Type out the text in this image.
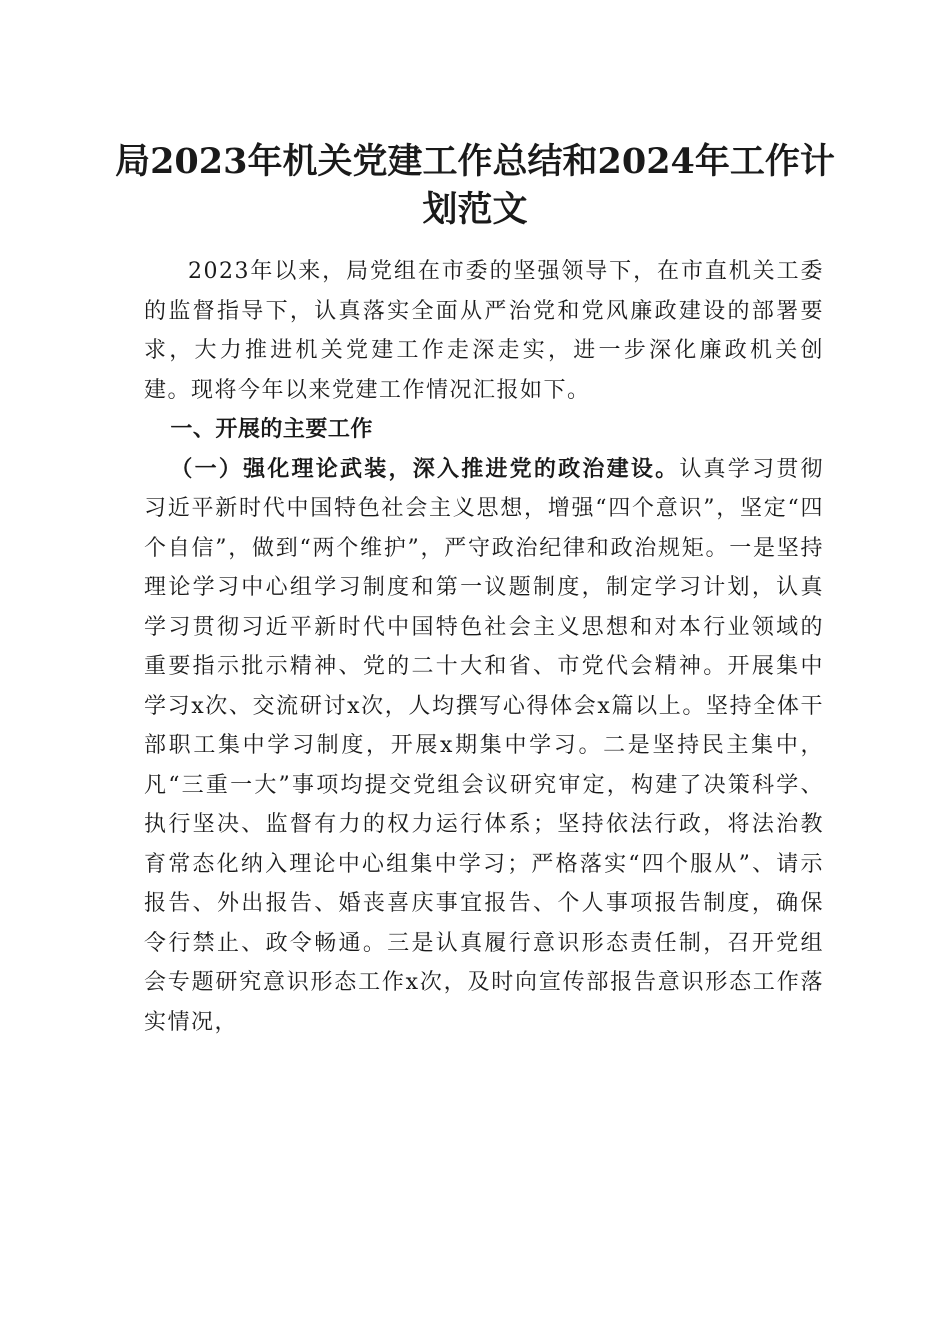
局2023年机关党建工作总结和2024年工作计划范文

2023年以来，局党组在市委的坚强领导下，在市直机关工委的监督指导下，认真落实全面从严治党和党风廉政建设的部署要求，大力推进机关党建工作走深走实，进一步深化廉政机关创建。现将今年以来党建工作情况汇报如下。

一、开展的主要工作

（一）强化理论武装，深入推进党的政治建设。认真学习贯彻习近平新时代中国特色社会主义思想，增强“四个意识”，坚定“四个自信”，做到“两个维护”，严守政治纪律和政治规矩。一是坚持理论学习中心组学习制度和第一议题制度，制定学习计划，认真学习贯彻习近平新时代中国特色社会主义思想和对本行业领域的重要指示批示精神、党的二十大和省、市党代会精神。开展集中学习x次、交流研讨x次，人均撰写心得体会x篇以上。坚持全体干部职工集中学习制度，开展x期集中学习。二是坚持民主集中，凡“三重一大”事项均提交党组会议研究审定，构建了决策科学、执行坚决、监督有力的权力运行体系；坚持依法行政，将法治教育常态化纳入理论中心组集中学习；严格落实“四个服从”、请示报告、外出报告、婚丧喜庆事宜报告、个人事项报告制度，确保令行禁止、政令畅通。三是认真履行意识形态责任制，召开党组会专题研究意识形态工作x次，及时向宣传部报告意识形态工作落实情况，
